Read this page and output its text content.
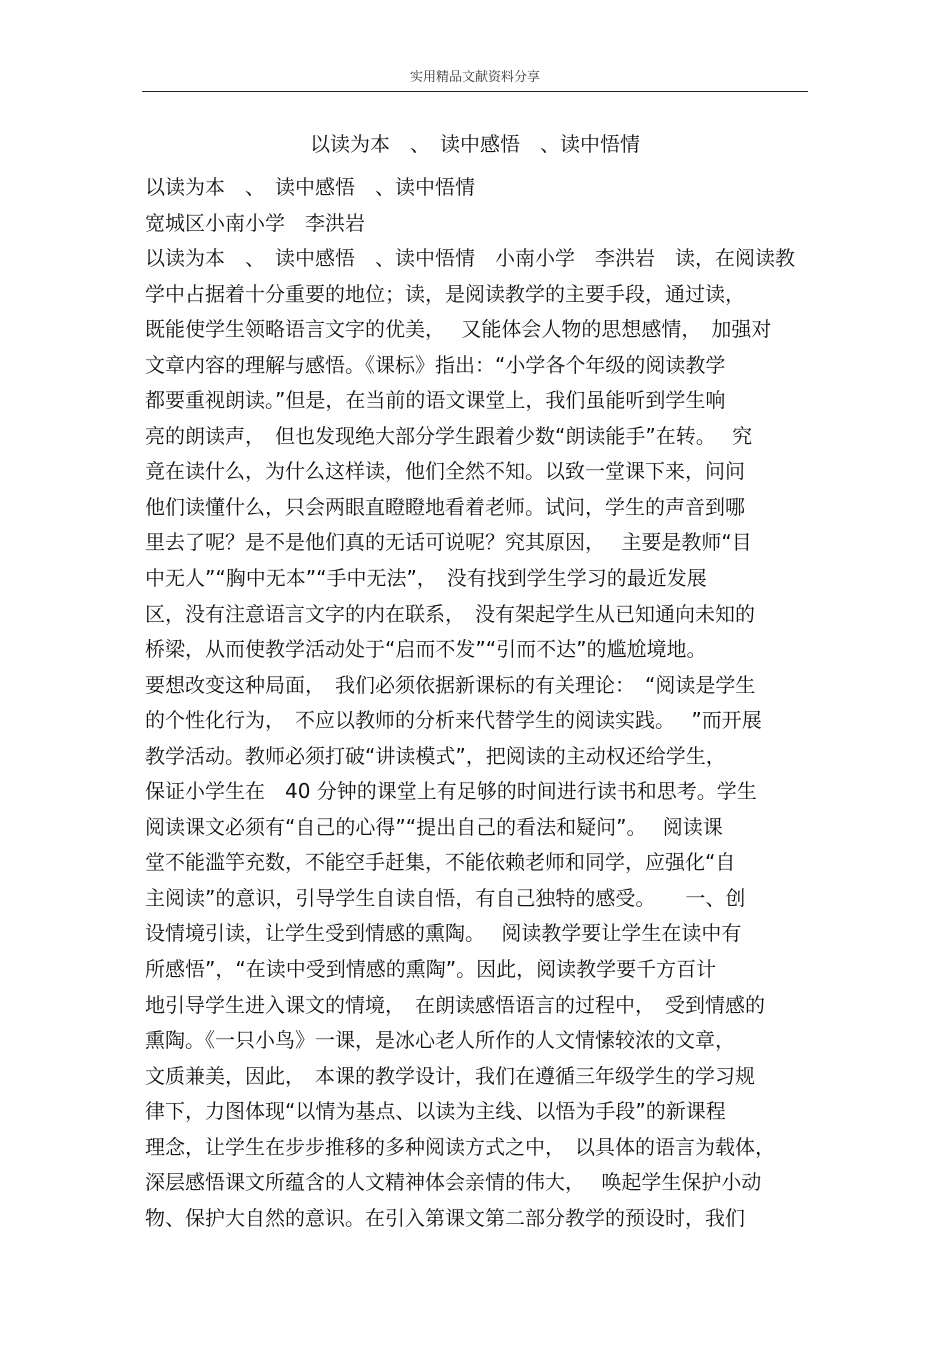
实用精品文献资料分享
以读为本　、　读中感悟　、读中悟情
以读为本　、　读中感悟　、读中悟情
宽城区小南小学　李洪岩
以读为本　、　读中感悟　、读中悟情　小南小学　李洪岩　读，在阅读教
学中占据着十分重要的地位；读，是阅读教学的主要手段，通过读，
既能使学生领略语言文字的优美，　 又能体会人物的思想感情，　加强对
文章内容的理解与感悟。《课标》指出：“小学各个年级的阅读教学
都要重视朗读。”但是，在当前的语文课堂上，我们虽能听到学生响
亮的朗读声，　但也发现绝大部分学生跟着少数“朗读能手”在转。　 究
竟在读什么，为什么这样读，他们全然不知。以致一堂课下来，问问
他们读懂什么，只会两眼直瞪瞪地看着老师。试问，学生的声音到哪
里去了呢？是不是他们真的无话可说呢？究其原因，　 主要是教师“目
中无人”“胸中无本”“手中无法”，　没有找到学生学习的最近发展
区，没有注意语言文字的内在联系，　没有架起学生从已知通向未知的
桥梁，从而使教学活动处于“启而不发”“引而不达”的尴尬境地。
要想改变这种局面，　我们必须依据新课标的有关理论：　“阅读是学生
的个性化行为，　不应以教师的分析来代替学生的阅读实践。　 ”而开展
教学活动。教师必须打破“讲读模式”，把阅读的主动权还给学生，
保证小学生在　40 分钟的课堂上有足够的时间进行读书和思考。学生
阅读课文必须有“自己的心得”“提出自己的看法和疑问”。　 阅读课
堂不能滥竽充数，不能空手赶集，不能依赖老师和同学，应强化“自
主阅读”的意识，引导学生自读自悟，有自己独特的感受。　　一、创
设情境引读，让学生受到情感的熏陶。　 阅读教学要让学生在读中有
所感悟”，“在读中受到情感的熏陶”。因此，阅读教学要千方百计
地引导学生进入课文的情境，　在朗读感悟语言的过程中，　受到情感的
熏陶。《一只小鸟》一课，是冰心老人所作的人文情愫较浓的文章，
文质兼美，因此，　本课的教学设计，我们在遵循三年级学生的学习规
律下，力图体现“以情为基点、以读为主线、以悟为手段”的新课程
理念，让学生在步步推移的多种阅读方式之中，　以具体的语言为载体，
深层感悟课文所蕴含的人文精神体会亲情的伟大，　 唤起学生保护小动
物、保护大自然的意识。在引入第课文第二部分教学的预设时，我们
